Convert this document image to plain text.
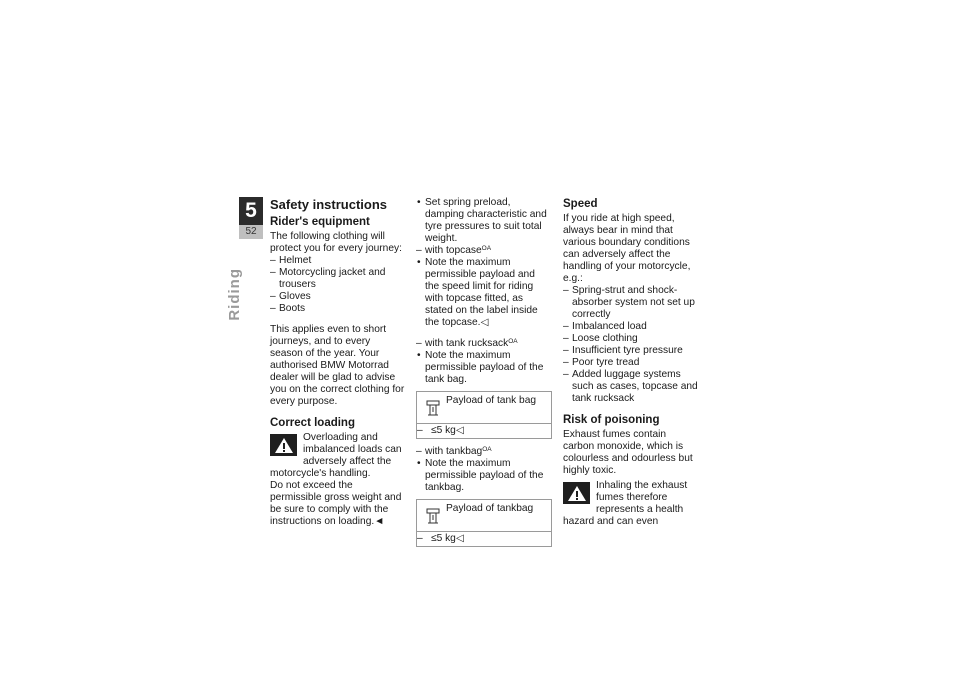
5
52
Riding
Safety instructions
Rider's equipment

The following clothing will protect you for every journey:

– Helmet
– Motorcycling jacket and trousers
– Gloves
– Boots

This applies even to short journeys, and to every season of the year. Your authorised BMW Motorrad dealer will be glad to advise you on the correct clothing for every purpose.

Correct loading
Overloading and imbalanced loads can adversely affect the motorcycle's handling.

Do not exceed the permissible gross weight and be sure to comply with the instructions on loading.◄

• Set spring preload, damping characteristic and tyre pressures to suit total weight.
– with topcase$^{OA}$
• Note the maximum permissible payload and the speed limit for riding with topcase fitted, as stated on the label inside the topcase.◁
– with tank rucksack$^{OA}$
• Note the maximum permissible payload of the tank bag.
Payload of tank bag
– ≤5 kg◁
– with tankbag$^{OA}$
• Note the maximum permissible payload of the tankbag.
Payload of tankbag
– ≤5 kg◁
Speed

If you ride at high speed, always bear in mind that various boundary conditions can adversely affect the handling of your motorcycle, e.g.:

– Spring-strut and shock-absorber system not set up correctly
– Imbalanced load
– Loose clothing
– Insufficient tyre pressure
– Poor tyre tread
– Added luggage systems such as cases, topcase and tank rucksack
Risk of poisoning

Exhaust fumes contain carbon monoxide, which is colourless and odourless but highly toxic.

Inhaling the exhaust fumes therefore represents a health hazard and can even
